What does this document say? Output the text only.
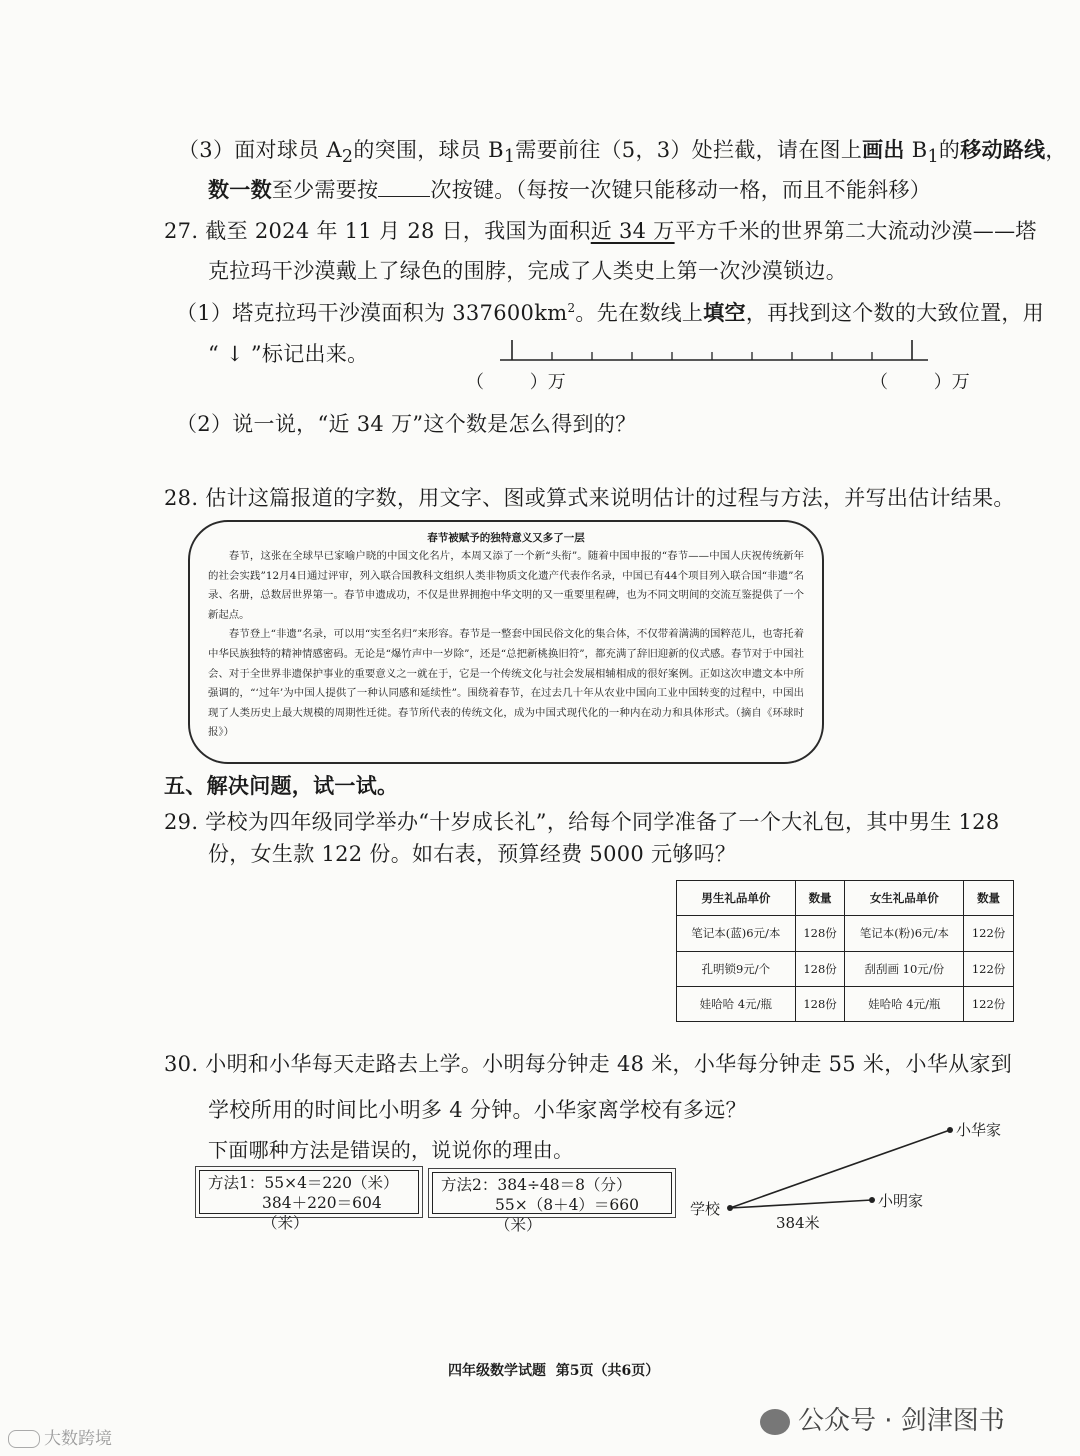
（3）面对球员 $A_2$的突围，球员 $B_1$需要前往（5，3）处拦截，请在图上画出 $B_1$的移动路线，
数一数至少需要按 次按键。（每按一次键只能移动一格，而且不能斜移）
27. 截至 2024 年 11 月 28 日，我国为面积近 34 万平方千米的世界第二大流动沙漠——塔
克拉玛干沙漠戴上了绿色的围脖，完成了人类史上第一次沙漠锁边。
（1）塔克拉玛干沙漠面积为 $337600km^2$。先在数线上填空，再找到这个数的大致位置，用
“ ↓ ”标记出来。
（        ）万	（        ）万
（2）说一说，“近 34 万”这个数是怎么得到的？
28. 估计这篇报道的字数，用文字、图或算式来说明估计的过程与方法，并写出估计结果。
春节被赋予的独特意义又多了一层

春节，这张在全球早已家喻户晓的中国文化名片，本周又添了一个新“头衔”。随着中国申报的“春节——中国人庆祝传统新年的社会实践”12月4日通过评审，列入联合国教科文组织人类非物质文化遗产代表作名录，中国已有44个项目列入联合国“非遗”名录、名册，总数居世界第一。春节申遗成功，不仅是世界拥抱中华文明的又一重要里程碑，也为不同文明间的交流互鉴提供了一个新起点。

春节登上“非遗”名录，可以用“实至名归”来形容。春节是一整套中国民俗文化的集合体，不仅带着满满的国粹范儿，也寄托着中华民族独特的精神情感密码。无论是“爆竹声中一岁除”，还是“总把新桃换旧符”，都充满了辞旧迎新的仪式感。春节对于中国社会、对于全世界非遗保护事业的重要意义之一就在于，它是一个传统文化与社会发展相辅相成的很好案例。正如这次申遗文本中所强调的，“‘过年’为中国人提供了一种认同感和延续性”。围绕着春节，在过去几十年从农业中国向工业中国转变的过程中，中国出现了人类历史上最大规模的周期性迁徙。春节所代表的传统文化，成为中国式现代化的一种内在动力和具体形式。（摘自《环球时报》）

五、解决问题，试一试。
29. 学校为四年级同学举办“十岁成长礼”，给每个同学准备了一个大礼包，其中男生 128
份，女生款 122 份。如右表，预算经费 5000 元够吗？
男生礼品单价	数量	女生礼品单价	数量
笔记本(蓝)6元/本	128份	笔记本(粉)6元/本	122份
孔明锁9元/个	128份	刮刮画 10元/份	122份
娃哈哈 4元/瓶	128份	娃哈哈 4元/瓶	122份
30. 小明和小华每天走路去上学。小明每分钟走 48 米，小华每分钟走 55 米，小华从家到
学校所用的时间比小明多 4 分钟。小华家离学校有多远？
下面哪种方法是错误的，说说你的理由。
方法1：55×4＝220（米）
384＋220＝604（米）
方法2：384÷48＝8（分）
55×（8＋4）＝660（米）
学校
小华家
小明家
384米
四年级数学试题  第5页（共6页）
大数跨境
公众号 · 剑津图书
